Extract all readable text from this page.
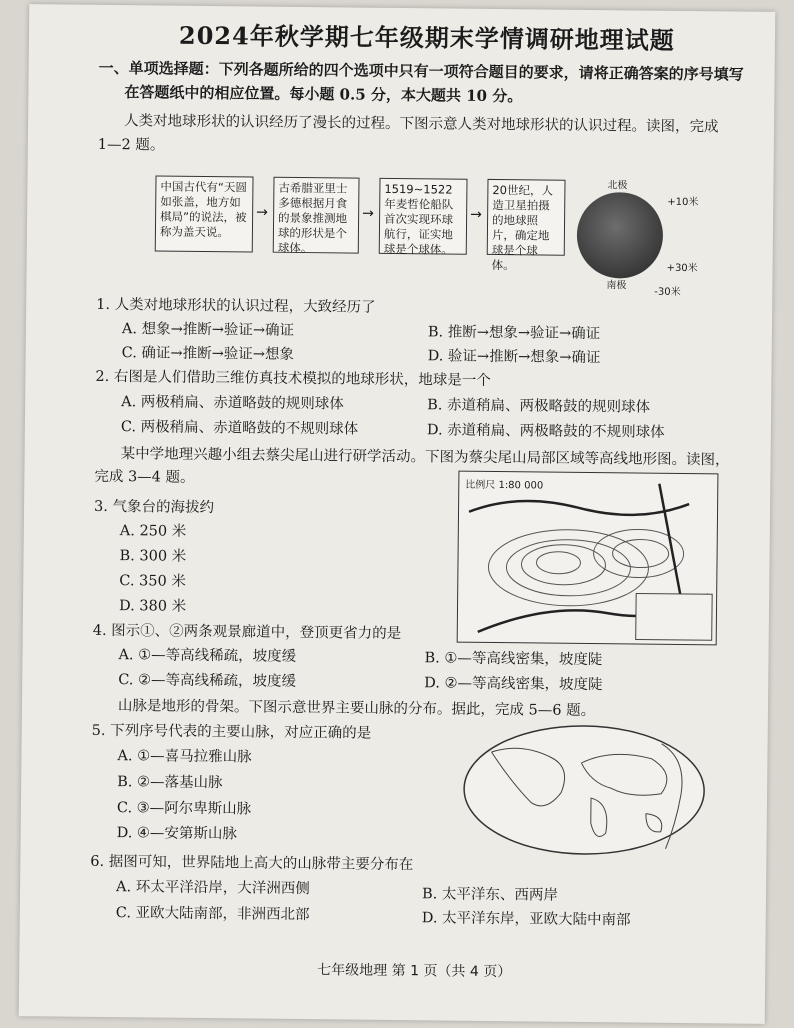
2024年秋学期七年级期末学情调研地理试题
一、单项选择题：下列各题所给的四个选项中只有一项符合题目的要求，请将正确答案的序号填写
在答题纸中的相应位置。每小题 0.5 分，本大题共 10 分。
人类对地球形状的认识经历了漫长的过程。下图示意人类对地球形状的认识过程。读图，完成
1—2 题。
中国古代有“天圆如张盖，地方如棋局”的说法，被称为盖天说。
→
古希腊亚里士多德根据月食的景象推测地球的形状是个球体。
→
1519~1522年麦哲伦船队首次实现环球航行，证实地球是个球体。
→
20世纪，人造卫星拍摄的地球照片，确定地球是个球体。
北极
+10米
+30米
南极
-30米
1. 人类对地球形状的认识过程，大致经历了
A. 想象→推断→验证→确证	B. 推断→想象→验证→确证
C. 确证→推断→验证→想象	D. 验证→推断→想象→确证
2. 右图是人们借助三维仿真技术模拟的地球形状，地球是一个
A. 两极稍扁、赤道略鼓的规则球体	B. 赤道稍扁、两极略鼓的规则球体
C. 两极稍扁、赤道略鼓的不规则球体	D. 赤道稍扁、两极略鼓的不规则球体
某中学地理兴趣小组去蔡尖尾山进行研学活动。下图为蔡尖尾山局部区域等高线地形图。读图，
完成 3—4 题。	比例尺 1:80 000
3. 气象台的海拔约
A. 250 米
B. 300 米
C. 350 米
D. 380 米
4. 图示①、②两条观景廊道中，登顶更省力的是
A. ①—等高线稀疏，坡度缓	B. ①—等高线密集，坡度陡
C. ②—等高线稀疏，坡度缓	D. ②—等高线密集，坡度陡
山脉是地形的骨架。下图示意世界主要山脉的分布。据此，完成 5—6 题。
5. 下列序号代表的主要山脉，对应正确的是
A. ①—喜马拉雅山脉
B. ②—落基山脉
C. ③—阿尔卑斯山脉
D. ④—安第斯山脉
6. 据图可知，世界陆地上高大的山脉带主要分布在
A. 环太平洋沿岸，大洋洲西侧	B. 太平洋东、西两岸
C. 亚欧大陆南部，非洲西北部	D. 太平洋东岸，亚欧大陆中南部
七年级地理 第 1 页（共 4 页）
